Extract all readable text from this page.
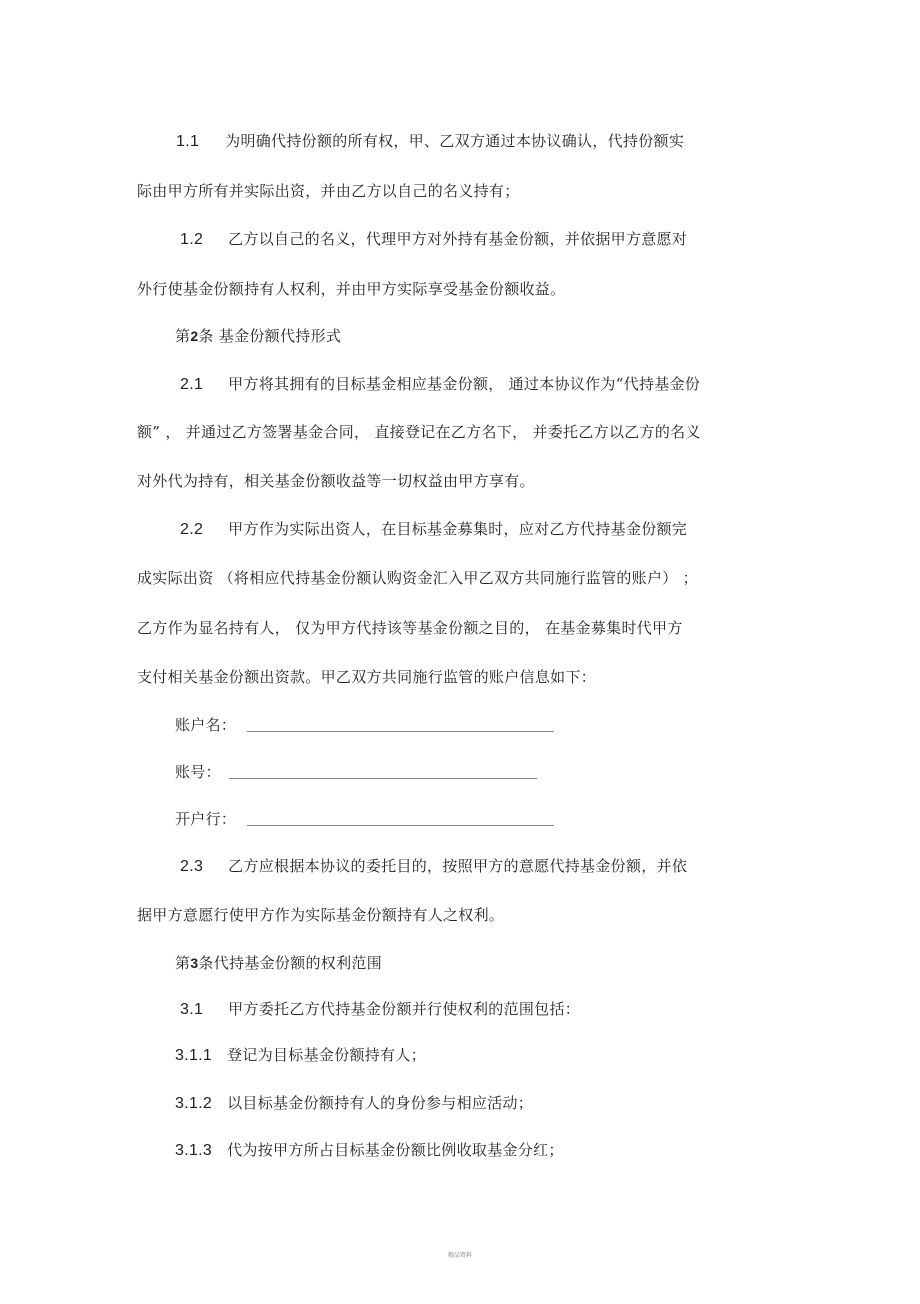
1.1 为明确代持份额的所有权，甲、乙双方通过本协议确认，代持份额实
际由甲方所有并实际出资，并由乙方以自己的名义持有；
1.2 乙方以自己的名义，代理甲方对外持有基金份额，并依据甲方意愿对
外行使基金份额持有人权利，并由甲方实际享受基金份额收益。
第2条 基金份额代持形式
2.1 甲方将其拥有的目标基金相应基金份额， 通过本协议作为“代持基金份
额” ， 并通过乙方签署基金合同， 直接登记在乙方名下， 并委托乙方以乙方的名义
对外代为持有，相关基金份额收益等一切权益由甲方享有。
2.2 甲方作为实际出资人，在目标基金募集时，应对乙方代持基金份额完
成实际出资 （将相应代持基金份额认购资金汇入甲乙双方共同施行监管的账户） ；
乙方作为显名持有人， 仅为甲方代持该等基金份额之目的， 在基金募集时代甲方
支付相关基金份额出资款。甲乙双方共同施行监管的账户信息如下：
账户名：
账号：
开户行：
2.3 乙方应根据本协议的委托目的，按照甲方的意愿代持基金份额，并依
据甲方意愿行使甲方作为实际基金份额持有人之权利。
第3条代持基金份额的权利范围
3.1 甲方委托乙方代持基金份额并行使权利的范围包括：
3.1.1 登记为目标基金份额持有人；
3.1.2 以目标基金份额持有人的身份参与相应活动；
3.1.3 代为按甲方所占目标基金份额比例收取基金分红；
精品资料
